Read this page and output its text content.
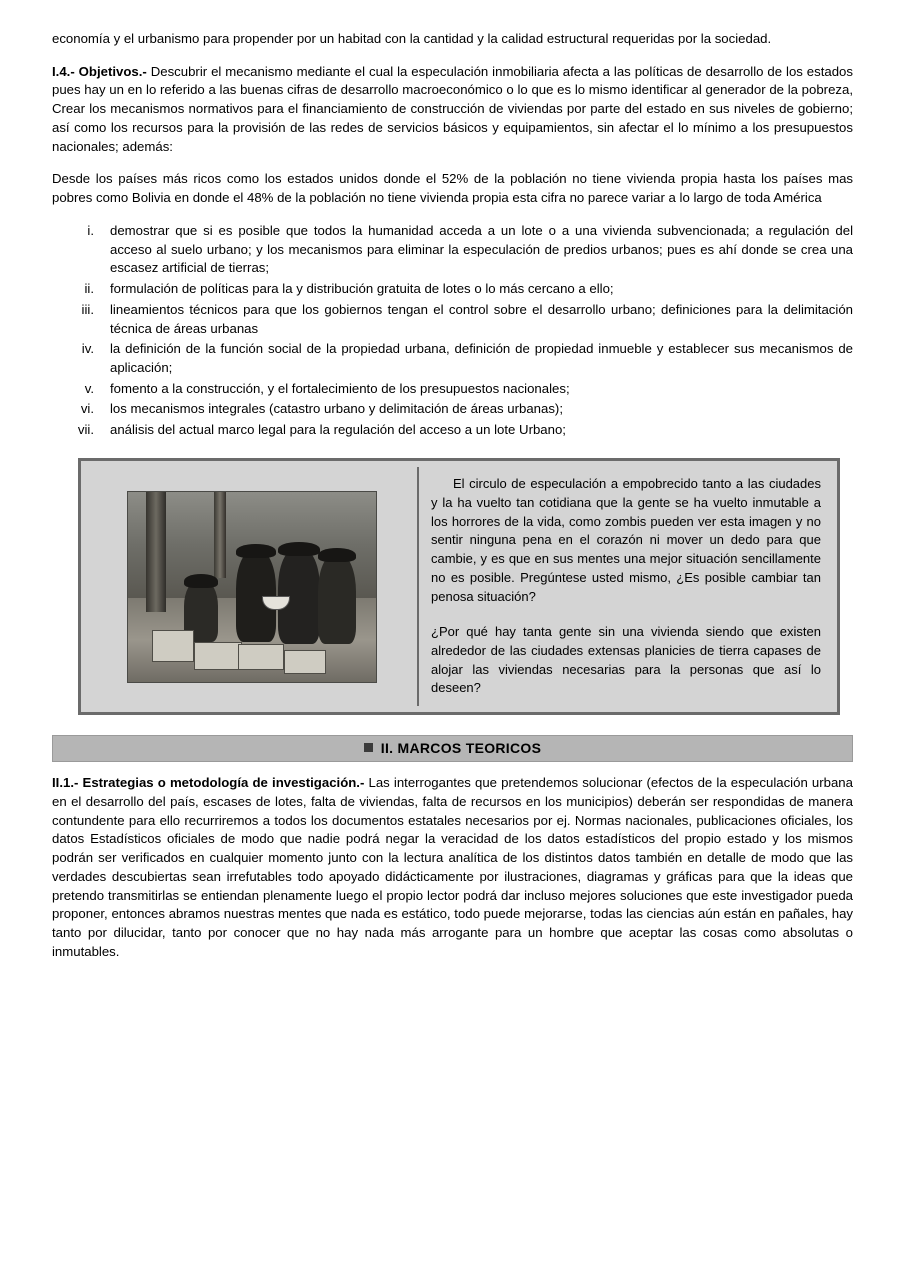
economía y el urbanismo para propender por un habitad con la cantidad y la calidad estructural requeridas por la sociedad.

I.4.- Objetivos.- Descubrir el mecanismo mediante el cual la especulación inmobiliaria afecta a las políticas de desarrollo de los estados pues hay un en lo referido a las buenas cifras de desarrollo macroeconómico o lo que es lo mismo identificar al generador de la pobreza, Crear los mecanismos normativos para el financiamiento de construcción de viviendas por parte del estado en sus niveles de gobierno; así como los recursos para la provisión de las redes de servicios básicos y equipamientos, sin afectar el lo mínimo a los presupuestos nacionales; además:

Desde los países más ricos como los estados unidos donde el 52% de la población no tiene vivienda propia hasta los países mas pobres como Bolivia en donde el 48% de la población no tiene vivienda propia esta cifra no parece variar a lo largo de toda América

i.	demostrar que si es posible que todos la humanidad acceda a un lote o a una vivienda subvencionada; a regulación del acceso al suelo urbano; y los mecanismos para eliminar la especulación de predios urbanos; pues es ahí donde se crea una escasez artificial de tierras;
ii.	formulación de políticas para la y distribución gratuita de lotes o lo más cercano a ello;
iii.	lineamientos técnicos para que los gobiernos tengan el control sobre el desarrollo urbano; definiciones para la delimitación técnica de áreas urbanas
iv.	la definición de la función social de la propiedad urbana, definición de propiedad inmueble y establecer sus mecanismos de aplicación;
v.	fomento a la construcción, y el fortalecimiento de los presupuestos nacionales;
vi.	los mecanismos integrales (catastro urbano y delimitación de áreas urbanas);
vii.	análisis del actual marco legal para la regulación del acceso a un lote Urbano;

El circulo de especulación a empobrecido tanto a las ciudades y la ha vuelto tan cotidiana que la gente se ha vuelto inmutable a los horrores de la vida, como zombis pueden ver esta imagen y no sentir ninguna pena en el corazón ni mover un dedo para que cambie, y es que en sus mentes una mejor situación sencillamente no es posible. Pregúntese usted mismo, ¿Es posible cambiar tan penosa situación?

¿Por qué hay tanta gente sin una vivienda siendo que existen alrededor de las ciudades extensas planicies de tierra capases de alojar las viviendas necesarias para la personas que así lo deseen?

II. MARCOS TEORICOS

II.1.- Estrategias o metodología de investigación.- Las interrogantes que pretendemos solucionar (efectos de la especulación urbana en el desarrollo del país, escases de lotes, falta de viviendas, falta de recursos en los municipios) deberán ser respondidas de manera contundente para ello recurriremos a todos los documentos estatales necesarios por ej. Normas nacionales, publicaciones oficiales, los datos Estadísticos oficiales de modo que nadie podrá negar la veracidad de los datos estadísticos del propio estado y los mismos podrán ser verificados en cualquier momento junto con la lectura analítica de los distintos datos también en detalle de modo que las verdades descubiertas sean irrefutables todo apoyado didácticamente por ilustraciones, diagramas y gráficas para que la ideas que pretendo transmitirlas se entiendan plenamente luego el propio lector podrá dar incluso mejores soluciones que este investigador pueda proponer, entonces abramos nuestras mentes que nada es estático, todo puede mejorarse, todas las ciencias aún están en pañales, hay tanto por dilucidar, tanto por conocer que no hay nada más arrogante para un hombre que aceptar las cosas como absolutas o inmutables.
